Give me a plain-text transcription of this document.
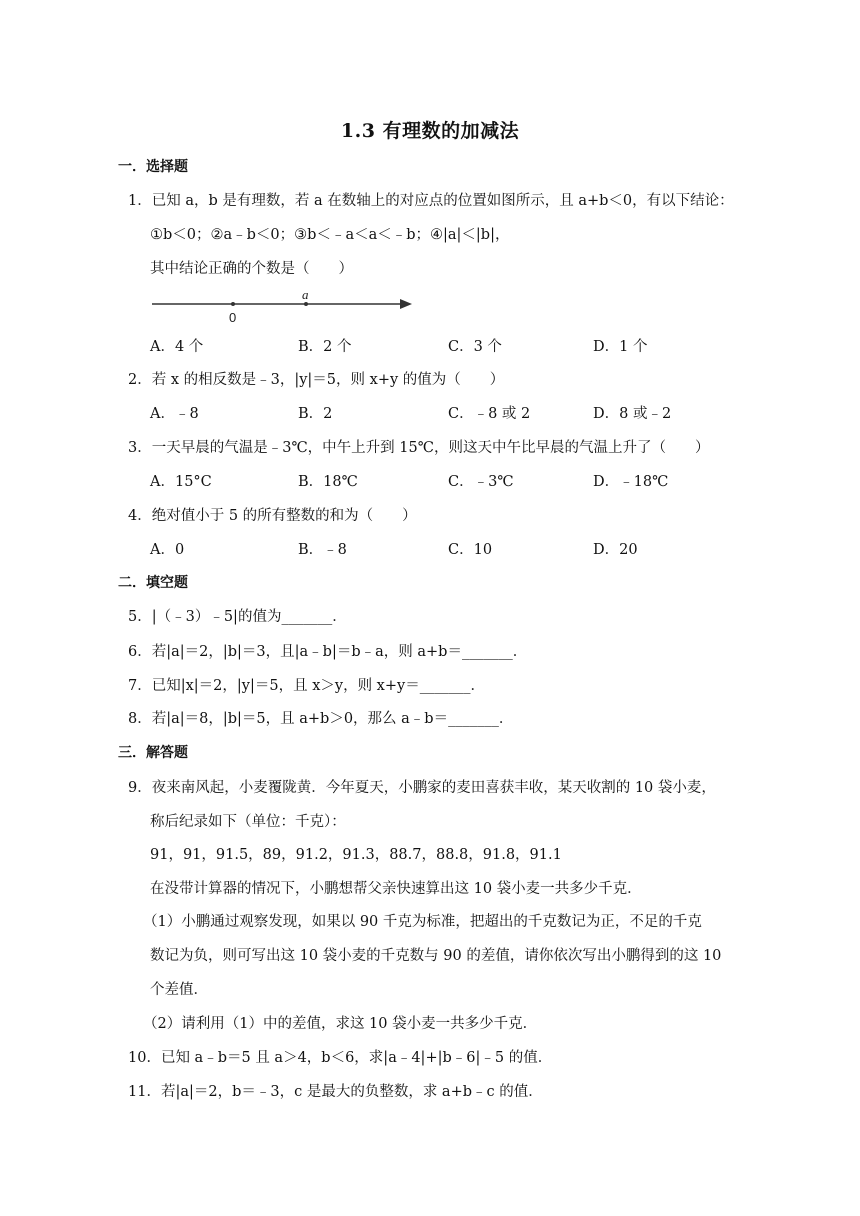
1.3 有理数的加减法
一．选择题
1．已知 a，b 是有理数，若 a 在数轴上的对应点的位置如图所示，且 a+b＜0，有以下结论：
①b＜0；②a﹣b＜0；③b＜﹣a＜a＜﹣b；④|a|＜|b|，
其中结论正确的个数是（　　）
0
a
A．4 个	B．2 个	C．3 个	D．1 个
2．若 x 的相反数是﹣3，|y|＝5，则 x+y 的值为（　　）
A．﹣8	B．2	C．﹣8 或 2	D．8 或﹣2
3．一天早晨的气温是﹣3℃，中午上升到 15℃，则这天中午比早晨的气温上升了（　　）
A．15°C	B．18℃	C．﹣3℃	D．﹣18℃
4．绝对值小于 5 的所有整数的和为（　　）
A．0	B．﹣8	C．10	D．20
二．填空题
5．|（﹣3）﹣5|的值为_______．
6．若|a|＝2，|b|＝3，且|a﹣b|＝b﹣a，则 a+b＝_______．
7．已知|x|＝2，|y|＝5，且 x＞y，则 x+y＝_______．
8．若|a|＝8，|b|＝5，且 a+b＞0，那么 a﹣b＝_______．
三．解答题
9．夜来南风起，小麦覆陇黄．今年夏天，小鹏家的麦田喜获丰收，某天收割的 10 袋小麦，
称后纪录如下（单位：千克）：
91，91，91.5，89，91.2，91.3，88.7，88.8，91.8，91.1
在没带计算器的情况下，小鹏想帮父亲快速算出这 10 袋小麦一共多少千克．
（1）小鹏通过观察发现，如果以 90 千克为标准，把超出的千克数记为正，不足的千克
数记为负，则可写出这 10 袋小麦的千克数与 90 的差值，请你依次写出小鹏得到的这 10
个差值．
（2）请利用（1）中的差值，求这 10 袋小麦一共多少千克．
10．已知 a﹣b＝5 且 a＞4，b＜6，求|a﹣4|+|b﹣6|﹣5 的值．
11．若|a|＝2，b＝﹣3，c 是最大的负整数，求 a+b﹣c 的值．
